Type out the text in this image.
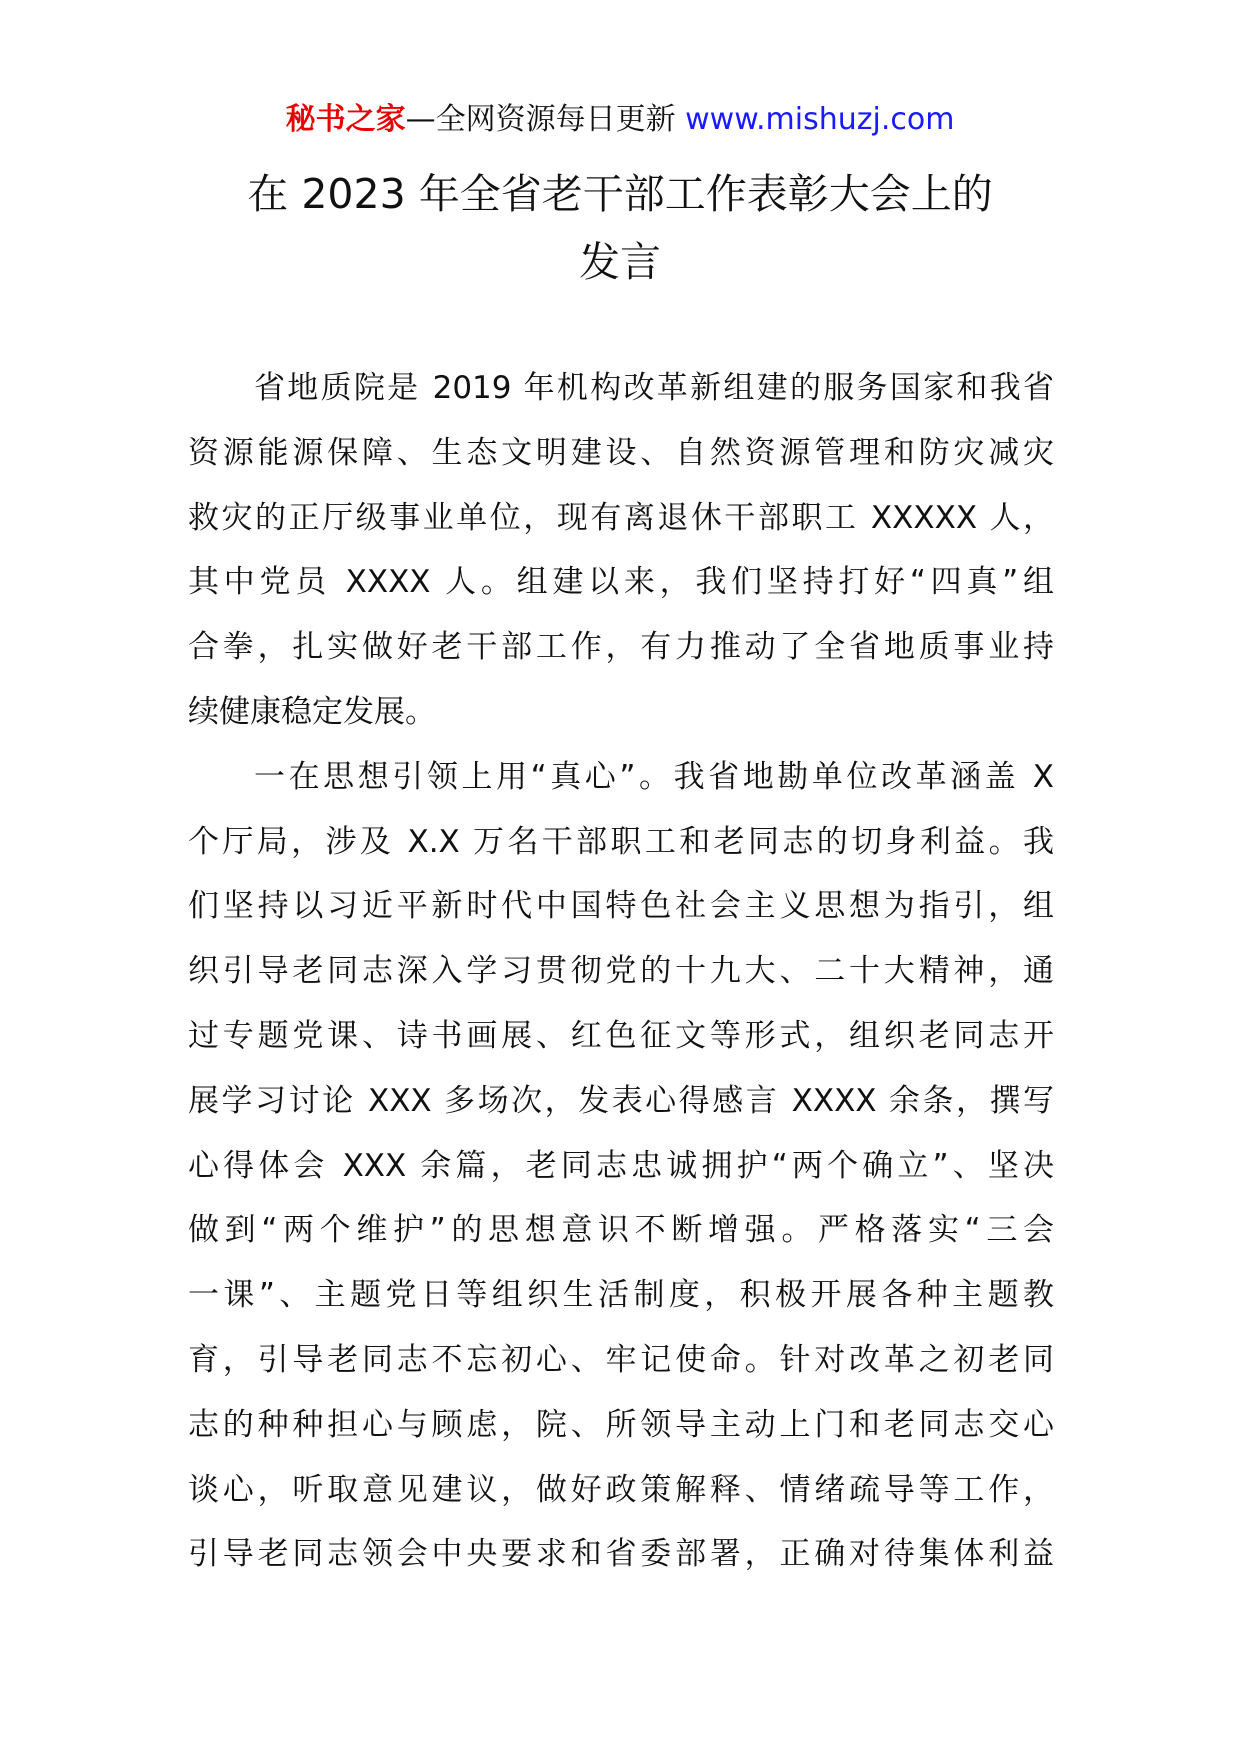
秘书之家—全网资源每日更新 www.mishuzj.com
在 2023 年全省老干部工作表彰大会上的
发言
省地质院是 2019 年机构改革新组建的服务国家和我省
资源能源保障、生态文明建设、自然资源管理和防灾减灾
救灾的正厅级事业单位，现有离退休干部职工 XXXXX 人，
其中党员 XXXX 人。组建以来，我们坚持打好“四真”组
合拳，扎实做好老干部工作，有力推动了全省地质事业持
续健康稳定发展。
一在思想引领上用“真心”。我省地勘单位改革涵盖 X
个厅局，涉及 X.X 万名干部职工和老同志的切身利益。我
们坚持以习近平新时代中国特色社会主义思想为指引，组
织引导老同志深入学习贯彻党的十九大、二十大精神，通
过专题党课、诗书画展、红色征文等形式，组织老同志开
展学习讨论 XXX 多场次，发表心得感言 XXXX 余条，撰写
心得体会 XXX 余篇，老同志忠诚拥护“两个确立”、坚决
做到“两个维护”的思想意识不断增强。严格落实“三会
一课”、主题党日等组织生活制度，积极开展各种主题教
育，引导老同志不忘初心、牢记使命。针对改革之初老同
志的种种担心与顾虑，院、所领导主动上门和老同志交心
谈心，听取意见建议，做好政策解释、情绪疏导等工作，
引导老同志领会中央要求和省委部署，正确对待集体利益
